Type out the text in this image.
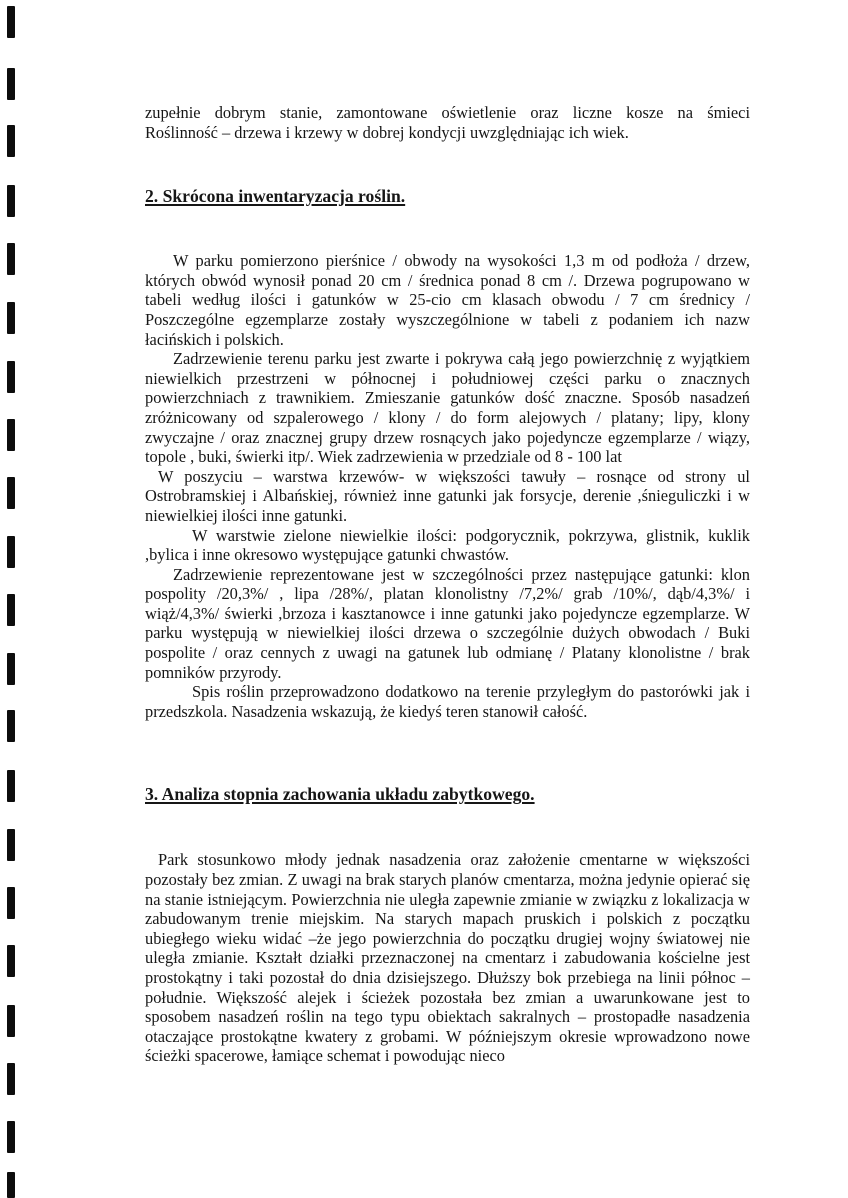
zupełnie dobrym stanie, zamontowane oświetlenie oraz liczne kosze na śmieci

Roślinność – drzewa i krzewy w dobrej kondycji uwzględniając ich wiek.

2. Skrócona inwentaryzacja roślin.

W parku pomierzono pierśnice / obwody na wysokości 1,3 m od podłoża / drzew, których obwód wynosił ponad 20 cm / średnica ponad 8 cm /. Drzewa pogrupowano w tabeli według ilości i gatunków w 25-cio cm klasach obwodu / 7 cm średnicy / Poszczególne egzemplarze zostały wyszczególnione w tabeli z podaniem ich nazw łacińskich i polskich.

Zadrzewienie terenu parku jest zwarte i pokrywa całą jego powierzchnię z wyjątkiem niewielkich przestrzeni w północnej i południowej części parku o znacznych powierzchniach z trawnikiem. Zmieszanie gatunków dość znaczne. Sposób nasadzeń zróżnicowany od szpalerowego / klony / do form alejowych / platany; lipy, klony zwyczajne / oraz znacznej grupy drzew rosnących jako pojedyncze egzemplarze / wiązy, topole , buki, świerki itp/. Wiek zadrzewienia w przedziale od 8 - 100 lat

W poszyciu – warstwa krzewów- w większości tawuły – rosnące od strony ul Ostrobramskiej i Albańskiej, również inne gatunki jak forsycje, derenie ,śnieguliczki i w niewielkiej ilości inne gatunki.

W warstwie zielone niewielkie ilości: podgorycznik, pokrzywa, glistnik, kuklik ,bylica i inne okresowo występujące gatunki chwastów.

Zadrzewienie reprezentowane jest w szczególności przez następujące gatunki: klon pospolity /20,3%/ , lipa /28%/, platan klonolistny /7,2%/ grab /10%/, dąb/4,3%/ i wiąż/4,3%/ świerki ,brzoza i kasztanowce i inne gatunki jako pojedyncze egzemplarze. W parku występują w niewielkiej ilości drzewa o szczególnie dużych obwodach / Buki pospolite / oraz cennych z uwagi na gatunek lub odmianę / Platany klonolistne / brak pomników przyrody.

Spis roślin przeprowadzono dodatkowo na terenie przyległym do pastorówki jak i przedszkola. Nasadzenia wskazują, że kiedyś teren stanowił całość.

3. Analiza stopnia zachowania układu zabytkowego.

Park stosunkowo młody jednak nasadzenia oraz założenie cmentarne w większości pozostały bez zmian. Z uwagi na brak starych planów cmentarza, można jedynie opierać się na stanie istniejącym. Powierzchnia nie uległa zapewnie zmianie w związku z lokalizacja w zabudowanym trenie miejskim. Na starych mapach pruskich i polskich z początku ubiegłego wieku widać –że jego powierzchnia do początku drugiej wojny światowej nie uległa zmianie. Kształt działki przeznaczonej na cmentarz i zabudowania kościelne jest prostokątny i taki pozostał do dnia dzisiejszego. Dłuższy bok przebiega na linii północ – południe. Większość alejek i ścieżek pozostała bez zmian a uwarunkowane jest to sposobem nasadzeń roślin na tego typu obiektach sakralnych – prostopadłe nasadzenia otaczające prostokątne kwatery z grobami. W późniejszym okresie wprowadzono nowe ścieżki spacerowe, łamiące schemat i powodując nieco
